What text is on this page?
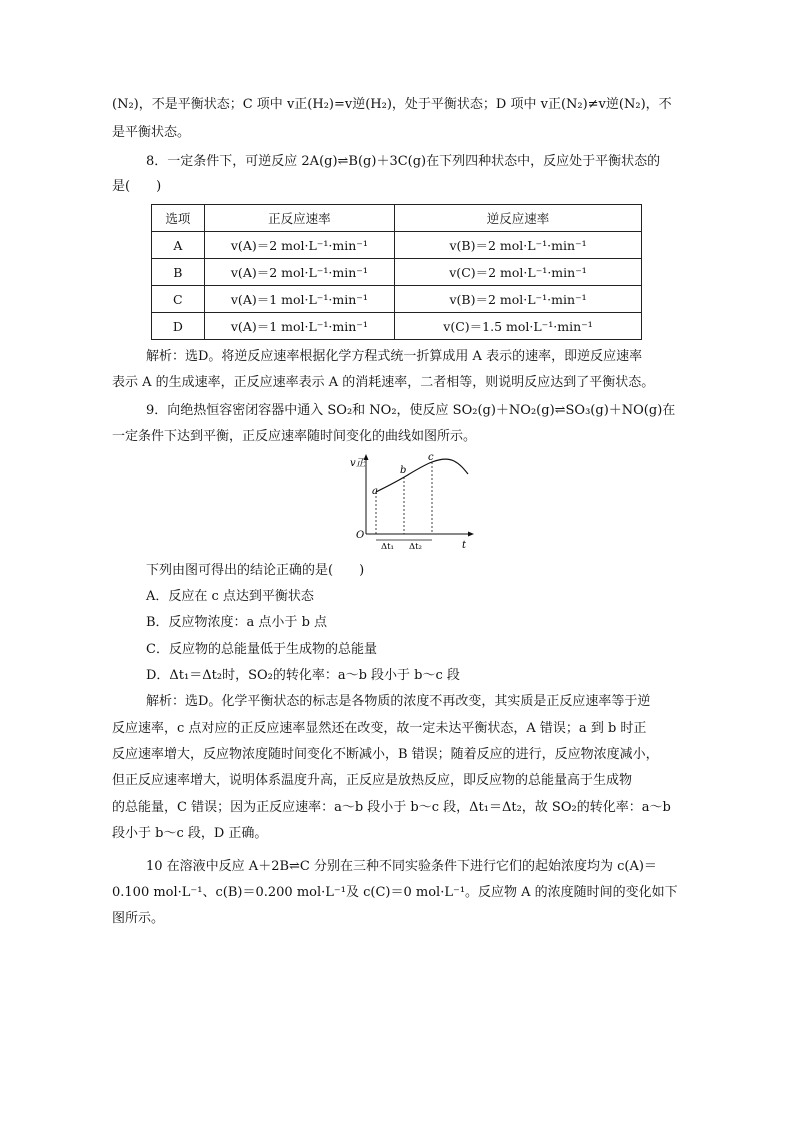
(N₂)，不是平衡状态；C 项中 v正(H₂)=v逆(H₂)，处于平衡状态；D 项中 v正(N₂)≠v逆(N₂)，不
是平衡状态。
8．一定条件下，可逆反应 2A(g)⇌B(g)＋3C(g)在下列四种状态中，反应处于平衡状态的
是(　　)
选项	正反应速率	逆反应速率
A	v(A)＝2 mol·L⁻¹·min⁻¹	v(B)＝2 mol·L⁻¹·min⁻¹
B	v(A)＝2 mol·L⁻¹·min⁻¹	v(C)＝2 mol·L⁻¹·min⁻¹
C	v(A)＝1 mol·L⁻¹·min⁻¹	v(B)＝2 mol·L⁻¹·min⁻¹
D	v(A)＝1 mol·L⁻¹·min⁻¹	v(C)＝1.5 mol·L⁻¹·min⁻¹
解析：选D。将逆反应速率根据化学方程式统一折算成用 A 表示的速率，即逆反应速率
表示 A 的生成速率，正反应速率表示 A 的消耗速率，二者相等，则说明反应达到了平衡状态。
9．向绝热恒容密闭容器中通入 SO₂和 NO₂，使反应 SO₂(g)＋NO₂(g)⇌SO₃(g)＋NO(g)在
一定条件下达到平衡，正反应速率随时间变化的曲线如图所示。
v正
t
O
a
b
c
Δt₁ Δt₂
下列由图可得出的结论正确的是(　　)
A．反应在 c 点达到平衡状态
B．反应物浓度：a 点小于 b 点
C．反应物的总能量低于生成物的总能量
D．Δt₁＝Δt₂时，SO₂的转化率：a～b 段小于 b～c 段
解析：选D。化学平衡状态的标志是各物质的浓度不再改变，其实质是正反应速率等于逆
反应速率，c 点对应的正反应速率显然还在改变，故一定未达平衡状态，A 错误；a 到 b 时正
反应速率增大，反应物浓度随时间变化不断减小，B 错误；随着反应的进行，反应物浓度减小，
但正反应速率增大，说明体系温度升高，正反应是放热反应，即反应物的总能量高于生成物
的总能量，C 错误；因为正反应速率：a～b 段小于 b～c 段，Δt₁＝Δt₂，故 SO₂的转化率：a～b
段小于 b～c 段，D 正确。
10 在溶液中反应 A＋2B⇌C 分别在三种不同实验条件下进行它们的起始浓度均为 c(A)＝
0.100 mol·L⁻¹、c(B)＝0.200 mol·L⁻¹及 c(C)＝0 mol·L⁻¹。反应物 A 的浓度随时间的变化如下
图所示。
